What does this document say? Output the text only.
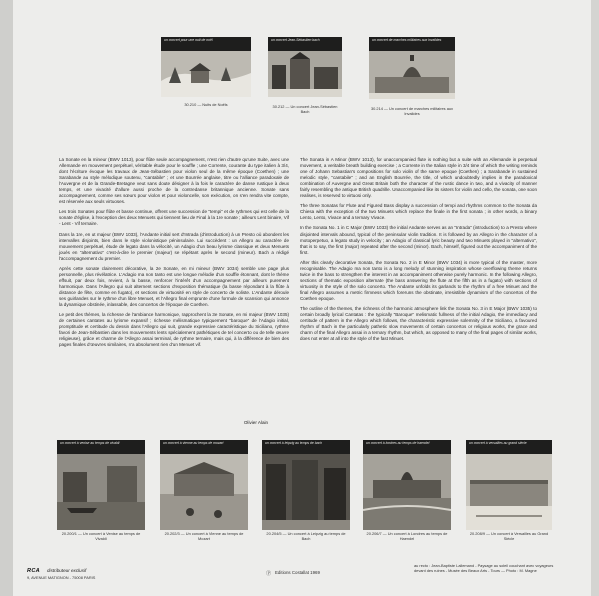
un concert pour une nuit de noël
30.210 — Nuits de Noëls
un concert Jean-Sébastien bach
30.212 — Un concert Jean-Sébastien Bach
un concert de marches militaires aux invalides
30.214 — Un concert de marches militaires aux Invalides

La Sonate en la mineur (BWV 1013), pour flûte seule accompagnement, n'est rien d'autre qu'une Suite, avec une Allemande en mouvement perpétuel, véritable étude pour le souffle ; une Corrente, courante du type italien à 3/4, dont l'écriture évoque les travaux de Jean-Sébastien pour violon seul de la même époque (Coethen) ; une Sarabande au style mélodique soutenu, "cantabile" ; et une Bourrée anglaise, titre ou l'alliance paradoxale de l'Auvergne et de la Grande-Bretagne veut sans doute désigner à la fois le caractère de danse rustique à deux temps, et une vivacité d'allure aussi proche de la contredanse britannique ancienne. Sonate sans accompagnement, comme ses sœurs pour violon et pour violoncelle, son exécution, on s'en rendra vite compte, est réservée aux seuls virtuoses.

Les trois Sonates pour flûte et basse continue, offrent une succession de "tempi" et de rythmes qui est celle de la sonate d'église, à l'exception des deux Menuets qui tiennent lieu de Final à la 1re sonate ; ailleurs Lent binaire, Vif - Lent - Vif ternaire.

Dans la 1re, en ut majeur (BWV 1033), l'Andante initial sert d'Intrada (d'introduction) à un Presto où abondent les intervalles disjoints, bien dans le style violonistique péninsulaire. Lui succèdent : un Allegro au caractère de mouvement perpétuel, étude de legato dans la vélocité, un Adagio d'un beau lyrisme classique et deux Menuets joués en "alternativo" c'est-à-dire le premier (majeur) se répétant après le second (mineur). Bach a rédigé l'accompagnement du premier.

Après cette sonate clairement décorative, la 2e Sonate, en mi mineur (BWV 1034) semble une page plus personnelle, plus révélatrice. L'Adagio ma non tanto est une longue mélodie d'un souffle étonnant, dont le thème effsuit, par deux fois, revient, à la basse, renforcer l'intérêt d'un accompagnement par ailleurs purement harmonique. Dans l'Allegro qui suit alternent sections d'exposition thématique (la basse répondant à la flûte à distance de fête, comme en fugato), et sections de virtuosité en style de concerto de soliste. L'Andante déroule ses guirlandes sur le rythme d'un libre Menuet, et l'Allegro final emprunte d'une formule de scansion qui annonce la dynamique obstinée, inlassable, des concertos de l'époque de Coethen.

Le petit des thèmes, la richesse de l'ambiance harmonique, rapprochent la 3e Sonate, en mi majeur (BWV 1035) de certaines cantates au lyrisme expansif ; richesse mélismatique typiquement "baroque" de l'Adagio initial, promptitude et certitude du dessin dans l'Allegro qui suit, grande expressive caractéristique du Siciliano, rythme favori de Jean-Sébastien dans les mouvements lents spécialement pathétiques de tel concerto ou de telle œuvre religieuse), grâce et charme de l'Allegro assai terminal, de rythme ternaire, mais qui, à la différence de bien des pages finales d'œuvres similaires, n'a absolument rien d'un Menuet vif.

The Sonata in A Minor (BWV 1013), for unaccompanied flute is nothing but a suite with an Allemande in perpetual movement, a veritable breath building exercise ; a Corrente in the Italian style in 3/4 time of which the writing reminds one of Johann Sebastian's compositions for solo violin of the same epoque (Coethen) ; a Sarabande in sustained melodic style, "cantabile" ; and an English Bourrée, the title, of which undoubtedly implies in the paradoxical combination of Auvergne and Great Britain both the character of the rustic dance in two, and a vivacity of manner fairly resembling the antique British quadrille. Unaccompanied like its sisters for violin and cello, the sonata, one soon realises, is reserved to virtuosi only.

The three Sonatas for Flute and Figured Bass display a succession of tempi and rhythms common to the Sonata da Chiesa with the exception of the two Minuets which replace the finale in the first sonata ; in other words, a binary Lento, Lento, Vivace and a ternary Vivace.

In the Sonata No. 1 in C Major (BWV 1033) the initial Andante serves as an "Intrada" (introduction) to a Presto where disjointed intervals abound, typical of the peninsular violin tradition. It is followed by an Allegro in the character of a motoperpetuo, a legato study in velocity ; an Adagio of classical lyric beauty and two Minuets played in "alternativo", that is to say, the first (major) repeated after the second (minor). Bach, himself, figured out the accompaniment of the first.

After this clearly decorative Sonata, the Sonata No. 2 in E Minor (BWV 1034) is more typical of the master, more recognisable. The Adagio ma non tanto is a long melody of stunning inspiration whose overflowing theme returns twice in the bass to strengthen the interest in an accompaniment otherwise purely harmonic. In the following Allegro, sections of thematic exposition alternate (the bass answering the flute at the fifth as in a fugato) with sections of virtuosity in the style of the solo concerto. The Andante unfolds its garlands to the rhythm of a free Minuet and the final Allegro assumes a metric firmness which foreruns the obstinate, irresistible dynamism of the concertos of the Coethen epoque.

The outline of the themes, the richness of the harmonic atmosphere link the Sonata No. 3 in E Major (BWV 1035) to certain broadly lyrical Cantatas : the typically "Baroque" melismatic fullness of the initial Adagio, the immediacy and certitude of pattern in the Allegro which follows, the characteristic expressive solemnity of the Siciliano, a favoured rhythm of Bach in the particularly pathetic slow movements of certain concertos or religious works, the grace and charm of the final Allegro assai in a ternary rhythm, but which, as opposed to many of the final pages of similar works, does not enter at all into the style of the fast Minuet.

Olivier Alain
un concert à venise au temps de vivaldi
20.200/1 — Un concert à Venise au temps de Vivaldi
un concert à vienne au temps de mozart
20.202/3 — Un concert à Vienne au temps de Mozart
un concert à leipzig au temps de bach
20.204/5 — Un concert à Leipzig au temps de Bach
un concert à londres au temps de haendel
20.206/7 — Un concert à Londres au temps de Haendel
un concert à versailles au grand siècle
20.208/9 — Un concert à Versailles au Grand Siècle
RCA distributeur exclusif
9, AVENUE MATIGNON - 75008 PARIS
Ⓟ Editions Costallat 1969
au recto : Jean-Baptiste Lallemand - Paysage au soleil couchant avec voyageurs devant des ruines - Musée des Beaux Arts - Tours — Photo : M. Magne
